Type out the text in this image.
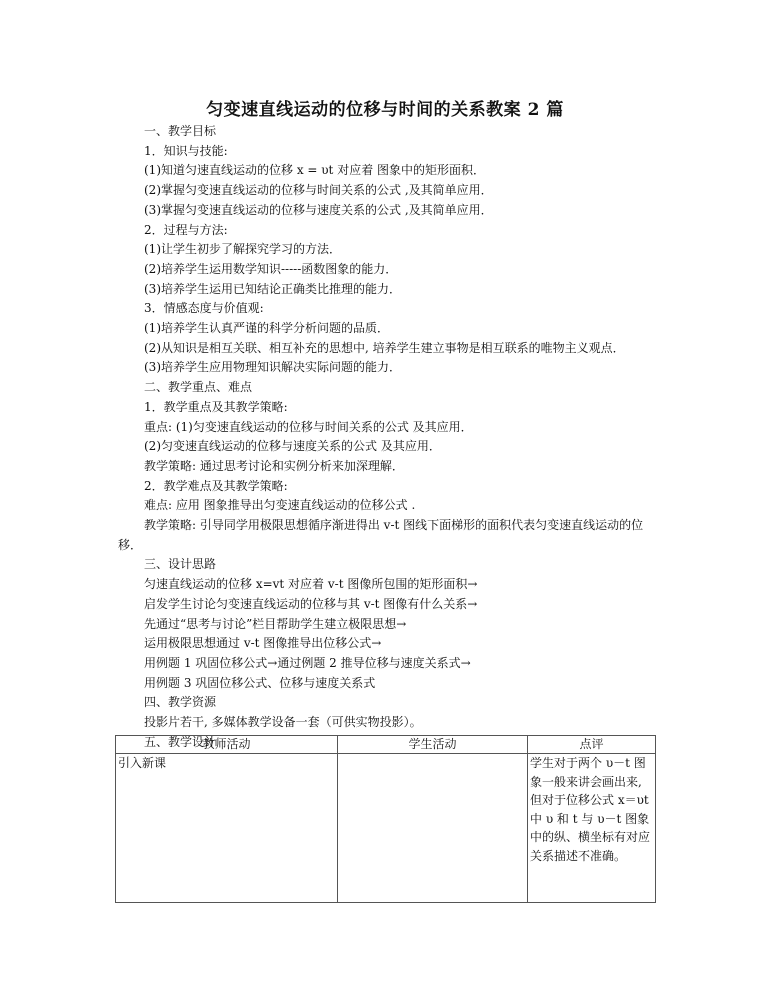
匀变速直线运动的位移与时间的关系教案 2 篇
一、教学目标
1．知识与技能:
(1)知道匀速直线运动的位移 x = υt 对应着 图象中的矩形面积．
(2)掌握匀变速直线运动的位移与时间关系的公式 ,及其简单应用．
(3)掌握匀变速直线运动的位移与速度关系的公式 ,及其简单应用．
2．过程与方法:
(1)让学生初步了解探究学习的方法．
(2)培养学生运用数学知识-----函数图象的能力．
(3)培养学生运用已知结论正确类比推理的能力．
3．情感态度与价值观:
(1)培养学生认真严谨的科学分析问题的品质．
(2)从知识是相互关联、相互补充的思想中, 培养学生建立事物是相互联系的唯物主义观点．
(3)培养学生应用物理知识解决实际问题的能力．
二、教学重点、难点
1．教学重点及其教学策略:
重点: (1)匀变速直线运动的位移与时间关系的公式 及其应用．
(2)匀变速直线运动的位移与速度关系的公式 及其应用．
教学策略: 通过思考讨论和实例分析来加深理解．
2．教学难点及其教学策略:
难点: 应用 图象推导出匀变速直线运动的位移公式 .
教学策略: 引导同学用极限思想循序渐进得出 v-t 图线下面梯形的面积代表匀变速直线运动的位移．
三、设计思路
匀速直线运动的位移 x=vt 对应着 v-t 图像所包围的矩形面积→
启发学生讨论匀变速直线运动的位移与其 v-t 图像有什么关系→
先通过“思考与讨论”栏目帮助学生建立极限思想→
运用极限思想通过 v-t 图像推导出位移公式→
用例题 1 巩固位移公式→通过例题 2 推导位移与速度关系式→
用例题 3 巩固位移公式、位移与速度关系式
四、教学资源
投影片若干, 多媒体教学设备一套（可供实物投影）。
五、教学设计
教师活动	学生活动	点评
引入新课		学生对于两个 υ－t 图象一般来讲会画出来, 但对于位移公式 x＝υt 中 υ 和 t 与 υ－t 图象中的纵、横坐标有对应关系描述不准确。
